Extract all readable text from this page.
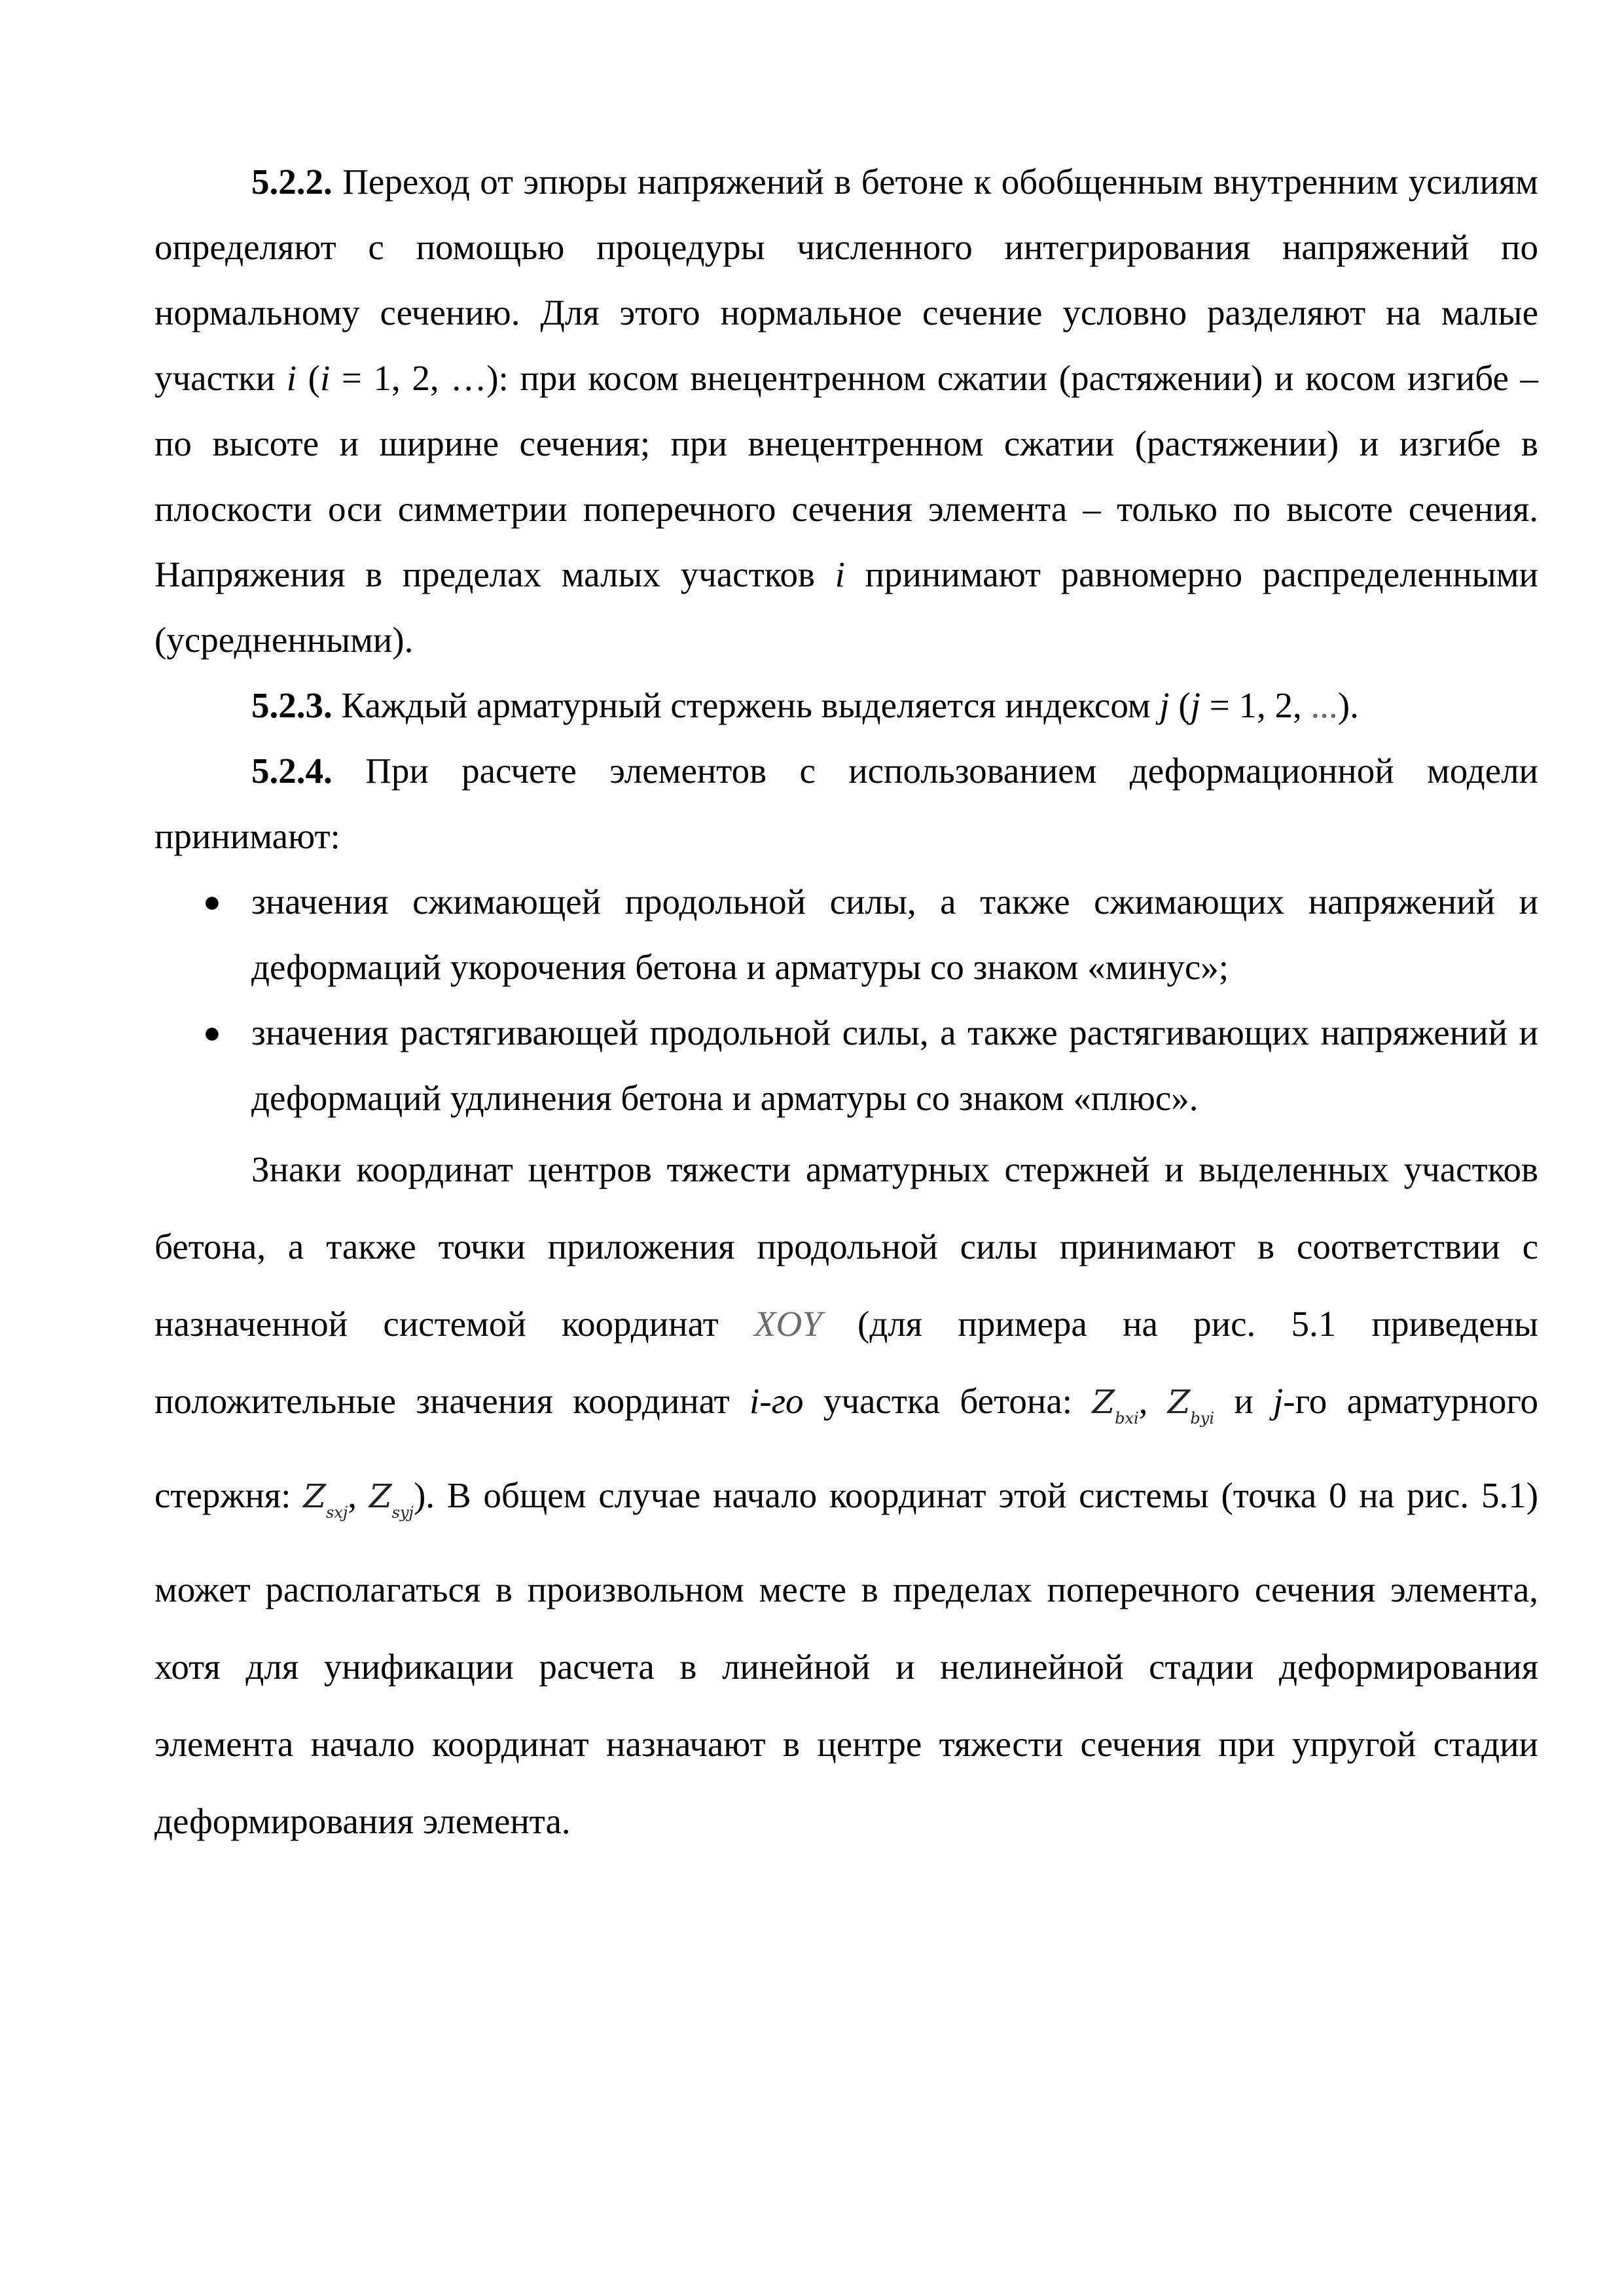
5.2.2. Переход от эпюры напряжений в бетоне к обобщенным внутренним усилиям определяют с помощью процедуры численного интегрирования напряжений по нормальному сечению. Для этого нормальное сечение условно разделяют на малые участки i (i = 1, 2, …): при косом внецентренном сжатии (растяжении) и косом изгибе – по высоте и ширине сечения; при внецентренном сжатии (растяжении) и изгибе в плоскости оси симметрии поперечного сечения элемента – только по высоте сечения. Напряжения в пределах малых участков i принимают равномерно распределенными (усредненными).

5.2.3. Каждый арматурный стержень выделяется индексом j (j = 1, 2, ...).

5.2.4. При расчете элементов с использованием деформационной модели принимают:

● значения сжимающей продольной силы, а также сжимающих напряжений и деформаций укорочения бетона и арматуры со знаком «минус»;
● значения растягивающей продольной силы, а также растягивающих напряжений и деформаций удлинения бетона и арматуры со знаком «плюс».

Знаки координат центров тяжести арматурных стержней и выделенных участков бетона, а также точки приложения продольной силы принимают в соответствии с назначенной системой координат XOY (для примера на рис. 5.1 приведены положительные значения координат i-го участка бетона: $Z_{bxi}$, $Z_{byi}$ и j-го арматурного стержня: $Z_{sxj}$, $Z_{syj}$). В общем случае начало координат этой системы (точка 0 на рис. 5.1) может располагаться в произвольном месте в пределах поперечного сечения элемента, хотя для унификации расчета в линейной и нелинейной стадии деформирования элемента начало координат назначают в центре тяжести сечения при упругой стадии деформирования элемента.
